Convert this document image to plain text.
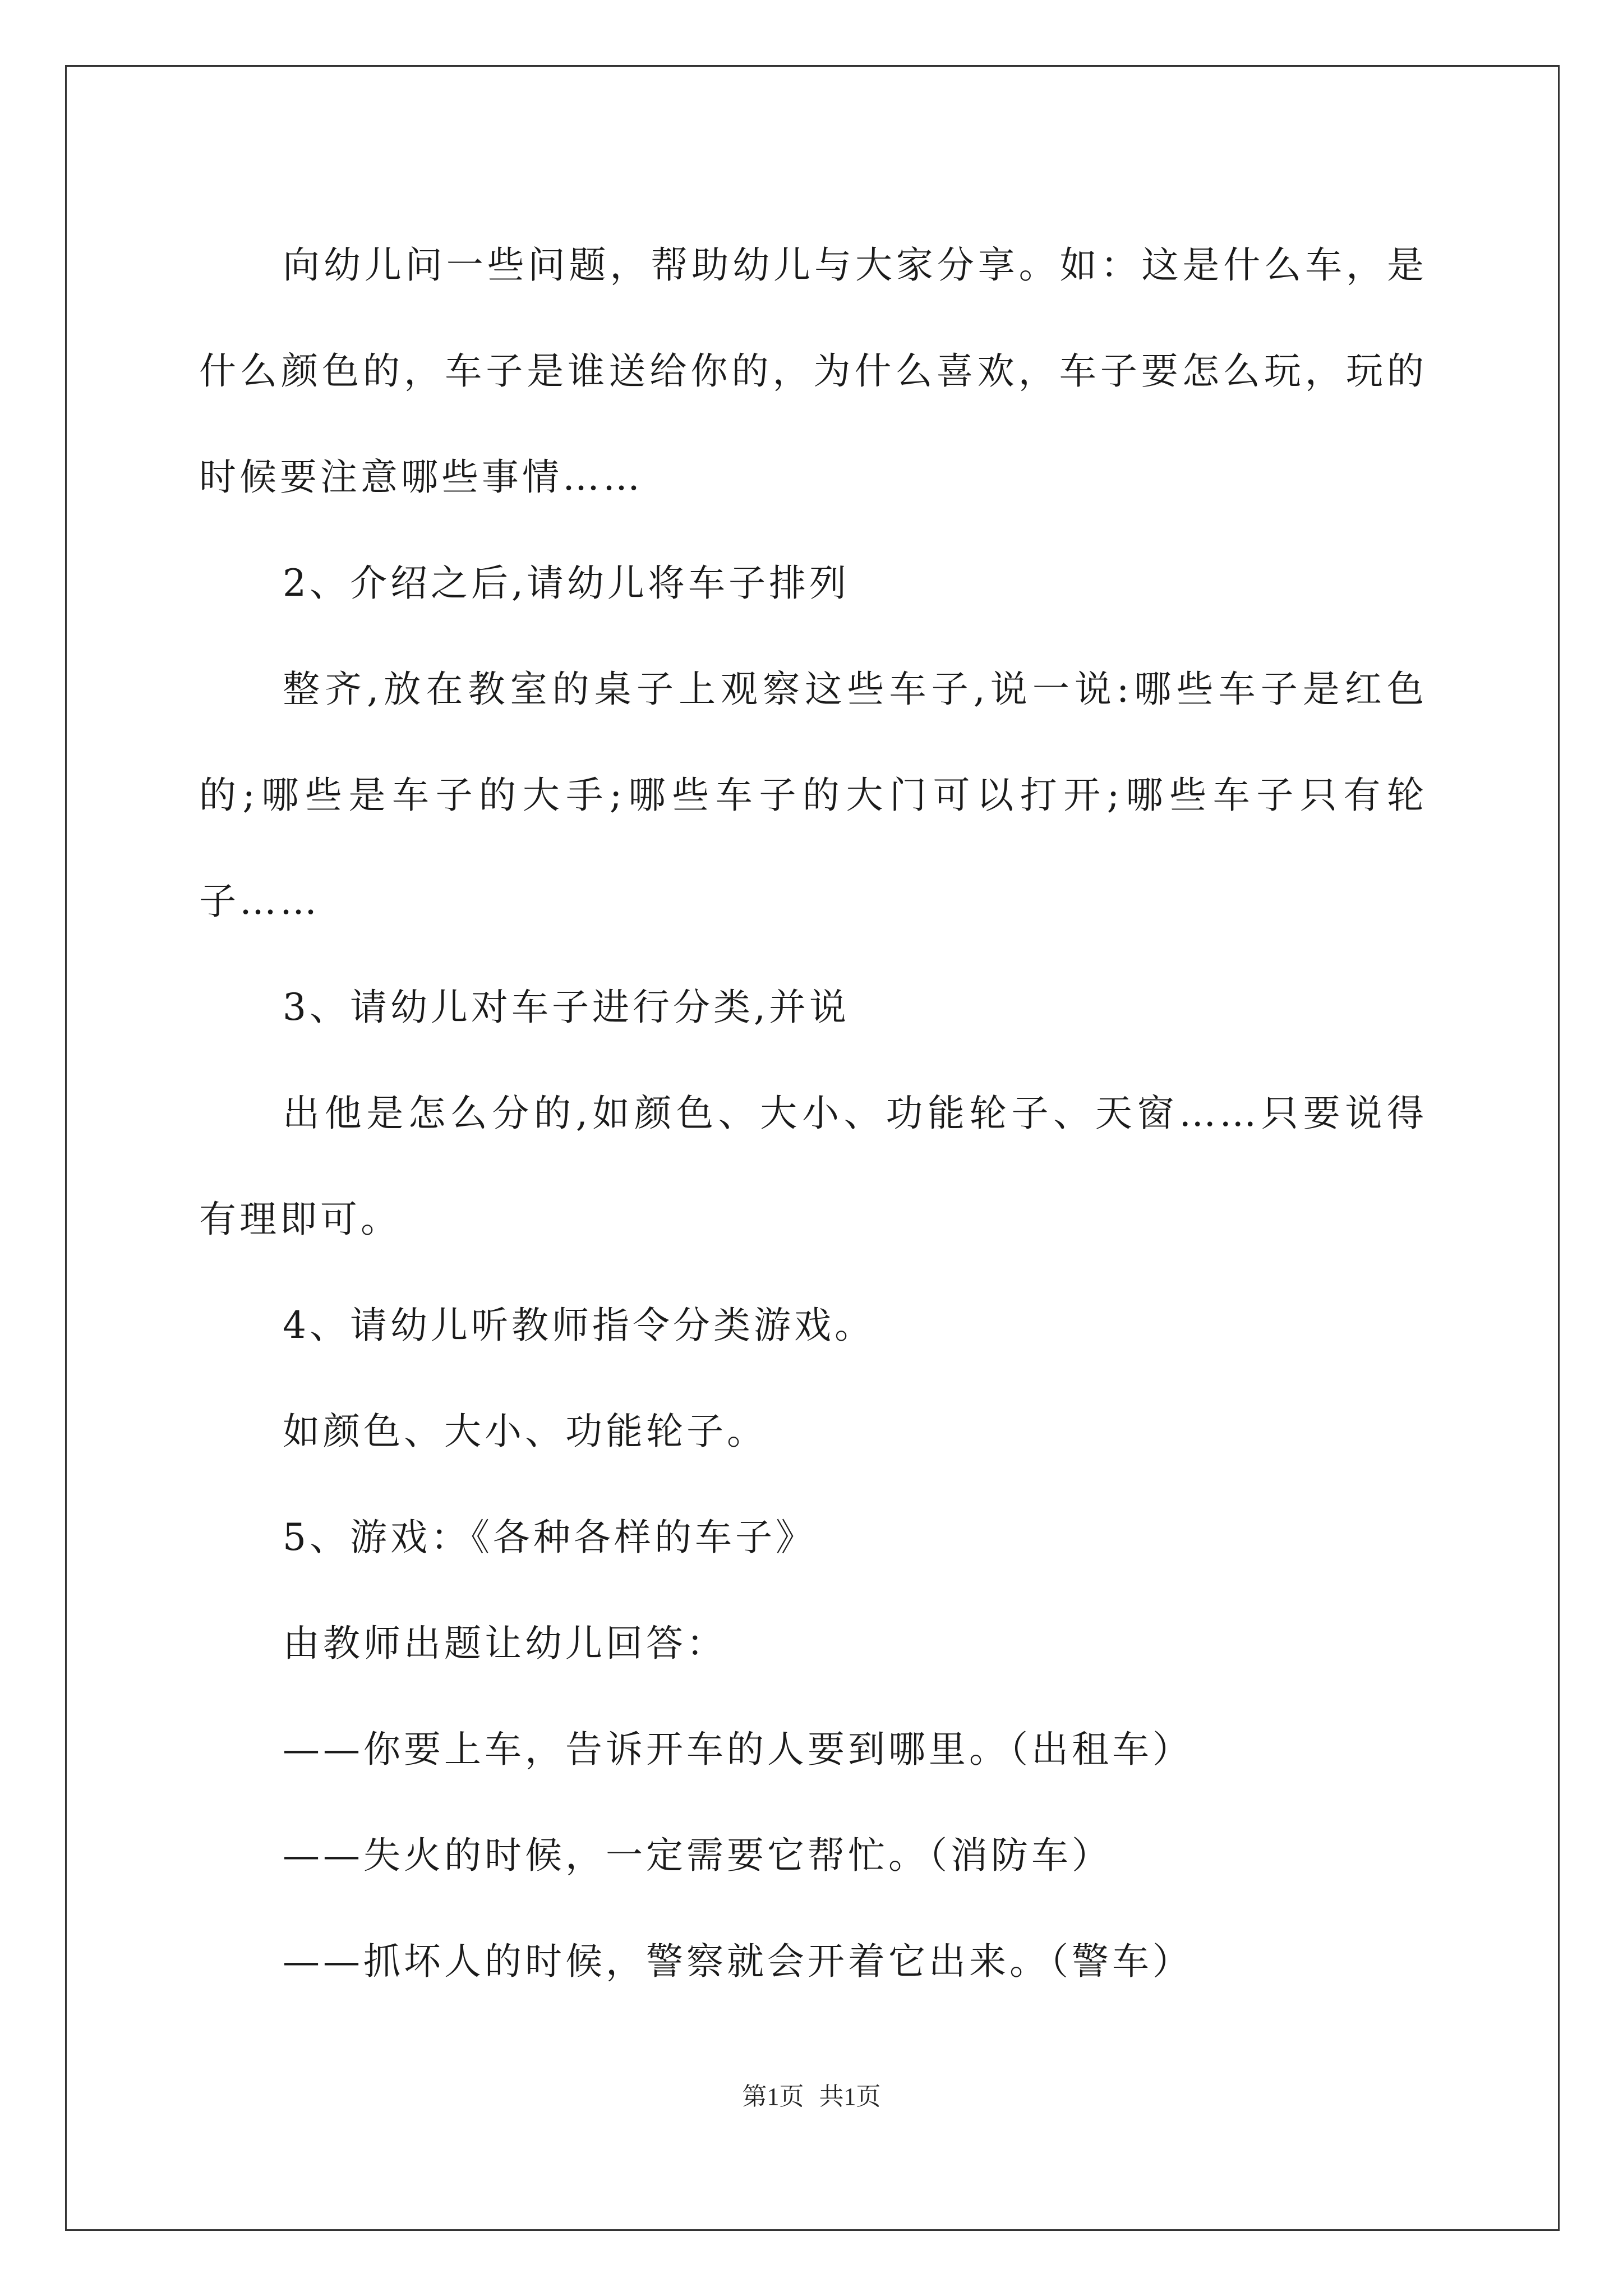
向幼儿问一些问题，帮助幼儿与大家分享。如：这是什么车，是什么颜色的，车子是谁送给你的，为什么喜欢，车子要怎么玩，玩的时候要注意哪些事情……

2、介绍之后,请幼儿将车子排列

整齐,放在教室的桌子上观察这些车子,说一说:哪些车子是红色的;哪些是车子的大手;哪些车子的大门可以打开;哪些车子只有轮子……

3、请幼儿对车子进行分类,并说

出他是怎么分的,如颜色、大小、功能轮子、天窗……只要说得有理即可。

4、请幼儿听教师指令分类游戏。

如颜色、大小、功能轮子。

5、游戏：《各种各样的车子》

由教师出题让幼儿回答：

——你要上车，告诉开车的人要到哪里。（出租车）

——失火的时候，一定需要它帮忙。（消防车）

——抓坏人的时候，警察就会开着它出来。（警车）

第1页 共1页
